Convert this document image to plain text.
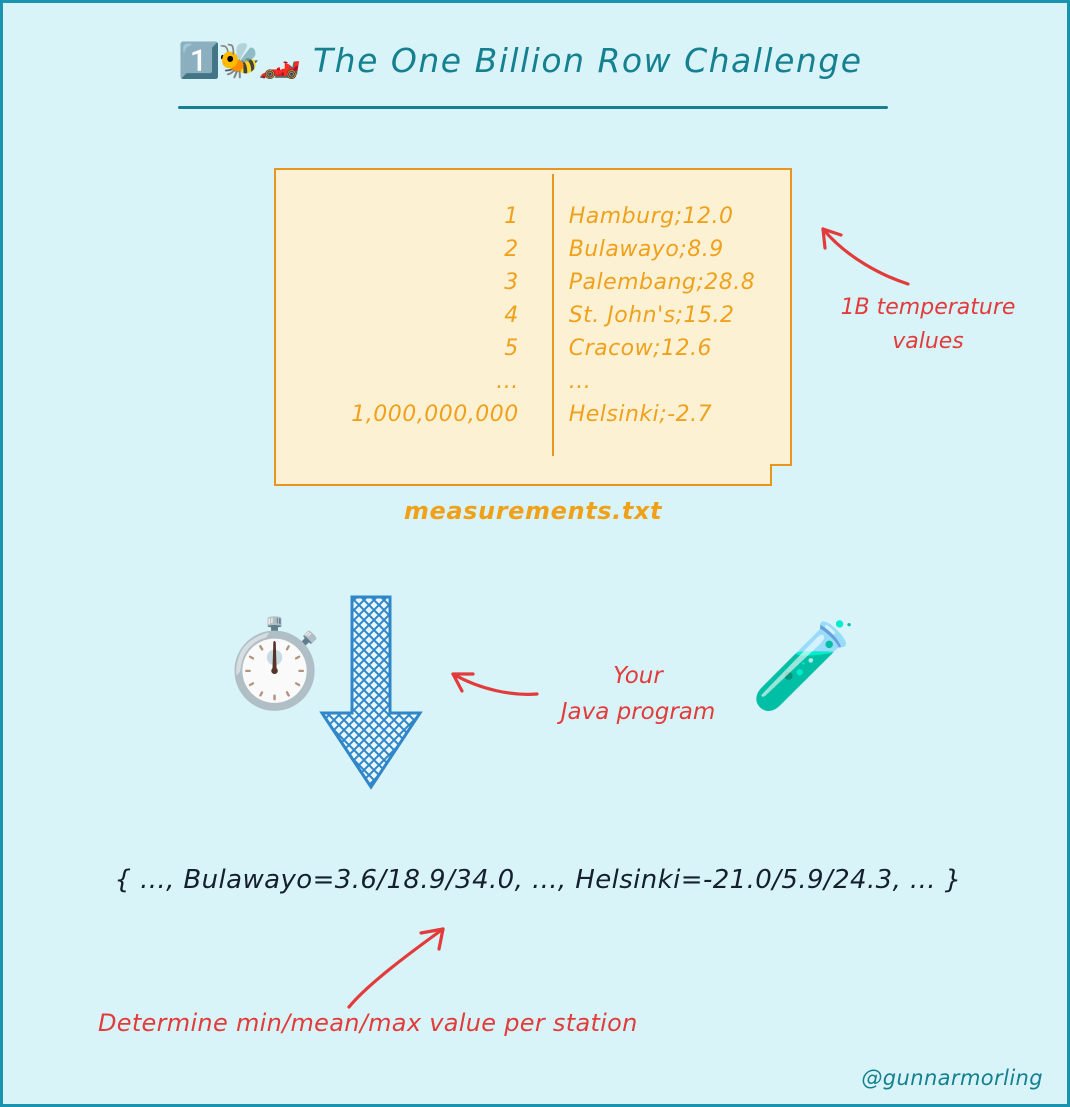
1️⃣🐝🏎️ The One Billion Row Challenge
1	Hamburg;12.0
2	Bulawayo;8.9
3	Palembang;28.8
4	St. John's;15.2
5	Cracow;12.6
...	...
1,000,000,000	Helsinki;-2.7
measurements.txt
1B temperature
values
⏱️	Your
Java program 🧪
{ ..., Bulawayo=3.6/18.9/34.0, ..., Helsinki=-21.0/5.9/24.3, ... }
Determine min/mean/max value per station
@gunnarmorling
